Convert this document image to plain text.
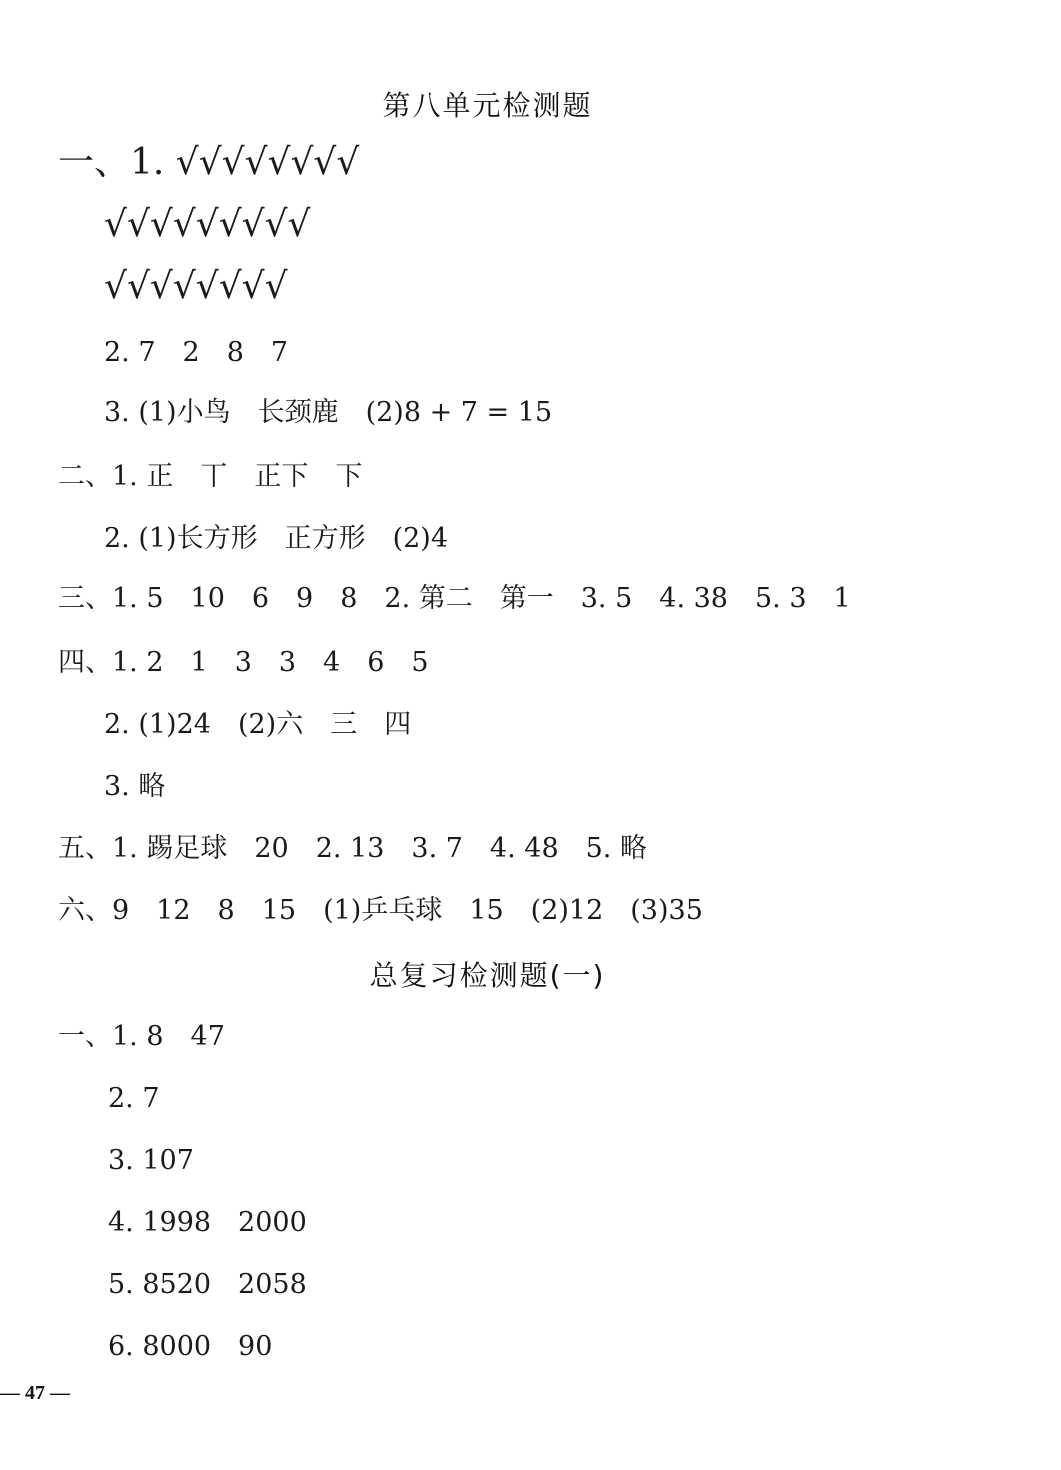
第八单元检测题
一、1. √√√√√√√√
√√√√√√√√√
√√√√√√√√
2. 7　2　8　7
3. (1)小鸟　长颈鹿　(2)8 + 7 = 15
二、1. 正　丅　正下　下
2. (1)长方形　正方形　(2)4
三、1. 5　10　6　9　8　2. 第二　第一　3. 5　4. 38　5. 3　1
四、1. 2　1　3　3　4　6　5
2. (1)24　(2)六　三　四
3. 略
五、1. 踢足球　20　2. 13　3. 7　4. 48　5. 略
六、9　12　8　15　(1)乒乓球　15　(2)12　(3)35
总复习检测题(一)
一、1. 8　47
2. 7
3. 107
4. 1998　2000
5. 8520　2058
6. 8000　90
— 47 —
